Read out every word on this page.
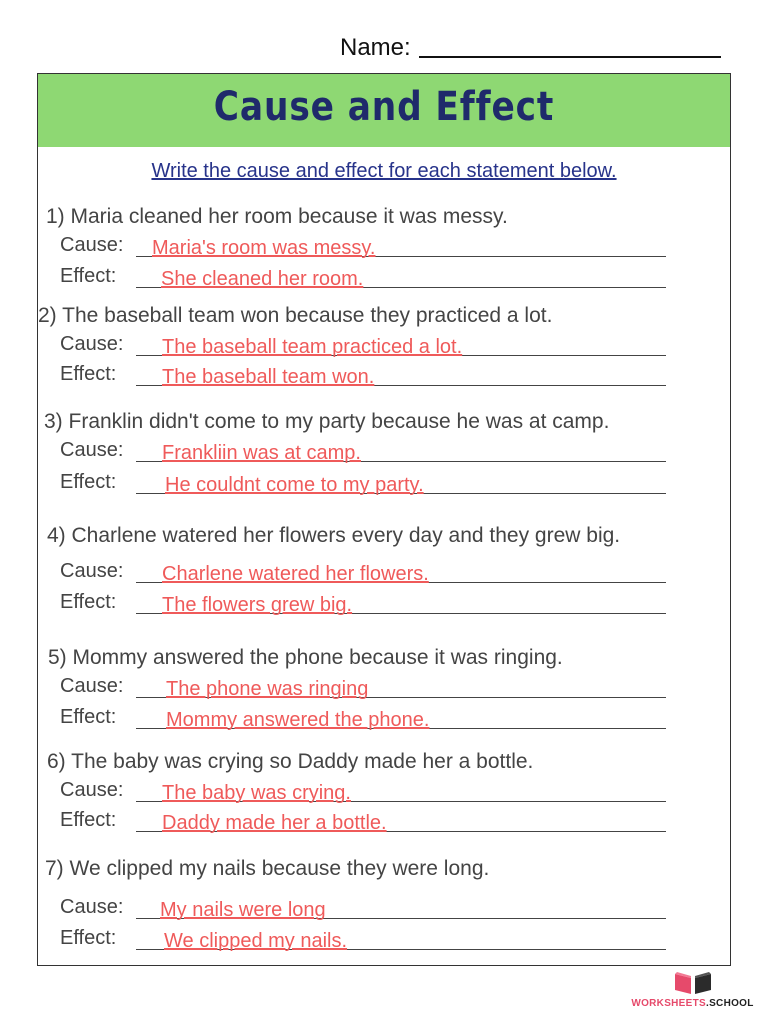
Name:
Cause and Effect
Write the cause and effect for each statement below.
1) Maria cleaned her room because it was messy.
Cause:	Maria's room was messy.
Effect:	She cleaned her room.
2) The baseball team won because they practiced a lot.
Cause:	The baseball team practiced a lot.
Effect:	The baseball team won.
3) Franklin didn't come to my party because he was at camp.
Cause:	Frankliin was at camp.
Effect:	He couldnt come to my party.
4) Charlene watered her flowers every day and they grew big.
Cause:	Charlene watered her flowers.
Effect:	The flowers grew big.
5) Mommy answered the phone because it was ringing.
Cause:	The phone was ringing
Effect:	Mommy answered the phone.
6) The baby was crying so Daddy made her a bottle.
Cause:	The baby was crying.
Effect:	Daddy made her a bottle.
7) We clipped my nails because they were long.
Cause:	My nails were long
Effect:	We clipped my nails.
WORKSHEETS.SCHOOL
